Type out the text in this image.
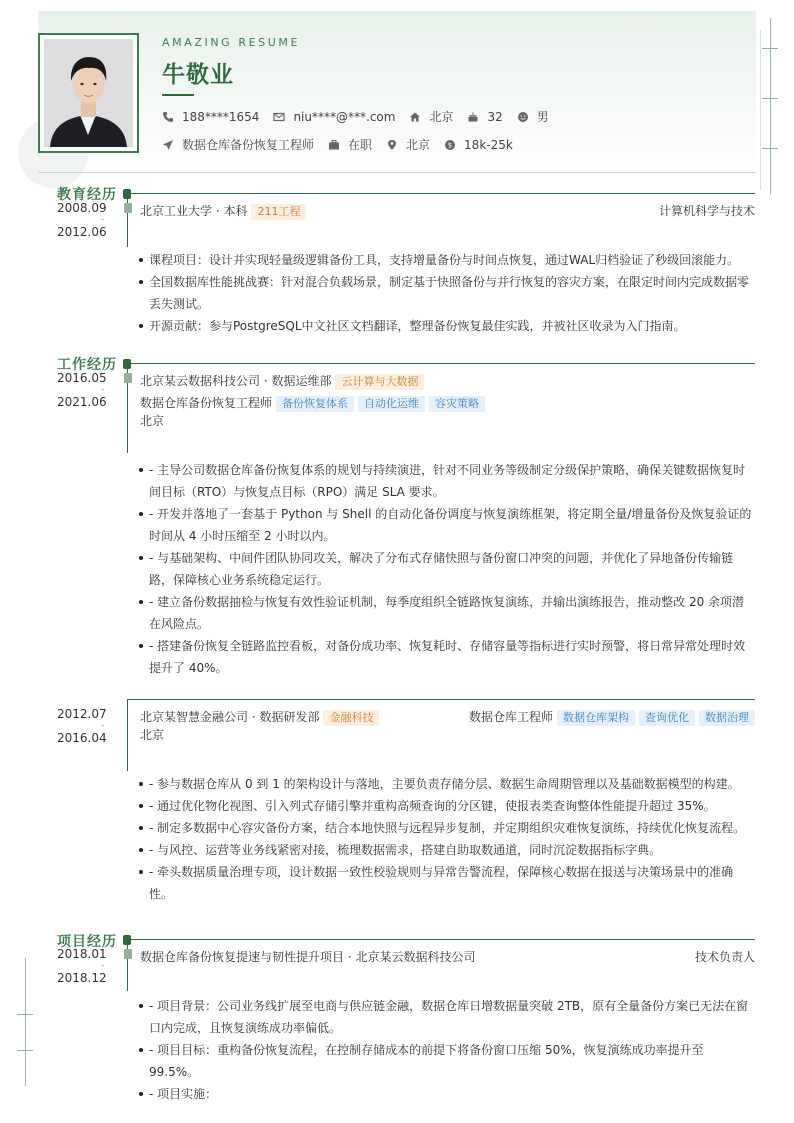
AMAZING RESUME
牛敬业
188****1654	niu****@***.com	北京	32	男
数据仓库备份恢复工程师	在职	北京	$ 18k-25k
教育经历
2008.09
-
2012.06
北京工业大学 · 本科 211工程	计算机科学与技术
课程项目：设计并实现轻量级逻辑备份工具，支持增量备份与时间点恢复，通过WAL归档验证了秒级回滚能力。
全国数据库性能挑战赛：针对混合负载场景，制定基于快照备份与并行恢复的容灾方案，在限定时间内完成数据零丢失测试。
开源贡献：参与PostgreSQL中文社区文档翻译，整理备份恢复最佳实践，并被社区收录为入门指南。
工作经历
2016.05
-
2021.06
北京某云数据科技公司 · 数据运维部 云计算与大数据
数据仓库备份恢复工程师 备份恢复体系 自动化运维 容灾策略
北京
- 主导公司数据仓库备份恢复体系的规划与持续演进，针对不同业务等级制定分级保护策略，确保关键数据恢复时间目标（RTO）与恢复点目标（RPO）满足 SLA 要求。
- 开发并落地了一套基于 Python 与 Shell 的自动化备份调度与恢复演练框架，将定期全量/增量备份及恢复验证的时间从 4 小时压缩至 2 小时以内。
- 与基础架构、中间件团队协同攻关，解决了分布式存储快照与备份窗口冲突的问题，并优化了异地备份传输链路，保障核心业务系统稳定运行。
- 建立备份数据抽检与恢复有效性验证机制，每季度组织全链路恢复演练，并输出演练报告，推动整改 20 余项潜在风险点。
- 搭建备份恢复全链路监控看板，对备份成功率、恢复耗时、存储容量等指标进行实时预警，将日常异常处理时效提升了 40%。
2012.07
-
2016.04
北京某智慧金融公司 · 数据研发部 金融科技	数据仓库工程师 数据仓库架构 查询优化 数据治理
北京
- 参与数据仓库从 0 到 1 的架构设计与落地，主要负责存储分层、数据生命周期管理以及基础数据模型的构建。
- 通过优化物化视图、引入列式存储引擎并重构高频查询的分区键，使报表类查询整体性能提升超过 35%。
- 制定多数据中心容灾备份方案，结合本地快照与远程异步复制，并定期组织灾难恢复演练，持续优化恢复流程。
- 与风控、运营等业务线紧密对接，梳理数据需求，搭建自助取数通道，同时沉淀数据指标字典。
- 牵头数据质量治理专项，设计数据一致性校验规则与异常告警流程，保障核心数据在报送与决策场景中的准确性。
项目经历
2018.01
-
2018.12
数据仓库备份恢复提速与韧性提升项目 · 北京某云数据科技公司	技术负责人
- 项目背景：公司业务线扩展至电商与供应链金融，数据仓库日增数据量突破 2TB，原有全量备份方案已无法在窗口内完成，且恢复演练成功率偏低。
- 项目目标：重构备份恢复流程，在控制存储成本的前提下将备份窗口压缩 50%，恢复演练成功率提升至 99.5%。
- 项目实施：
